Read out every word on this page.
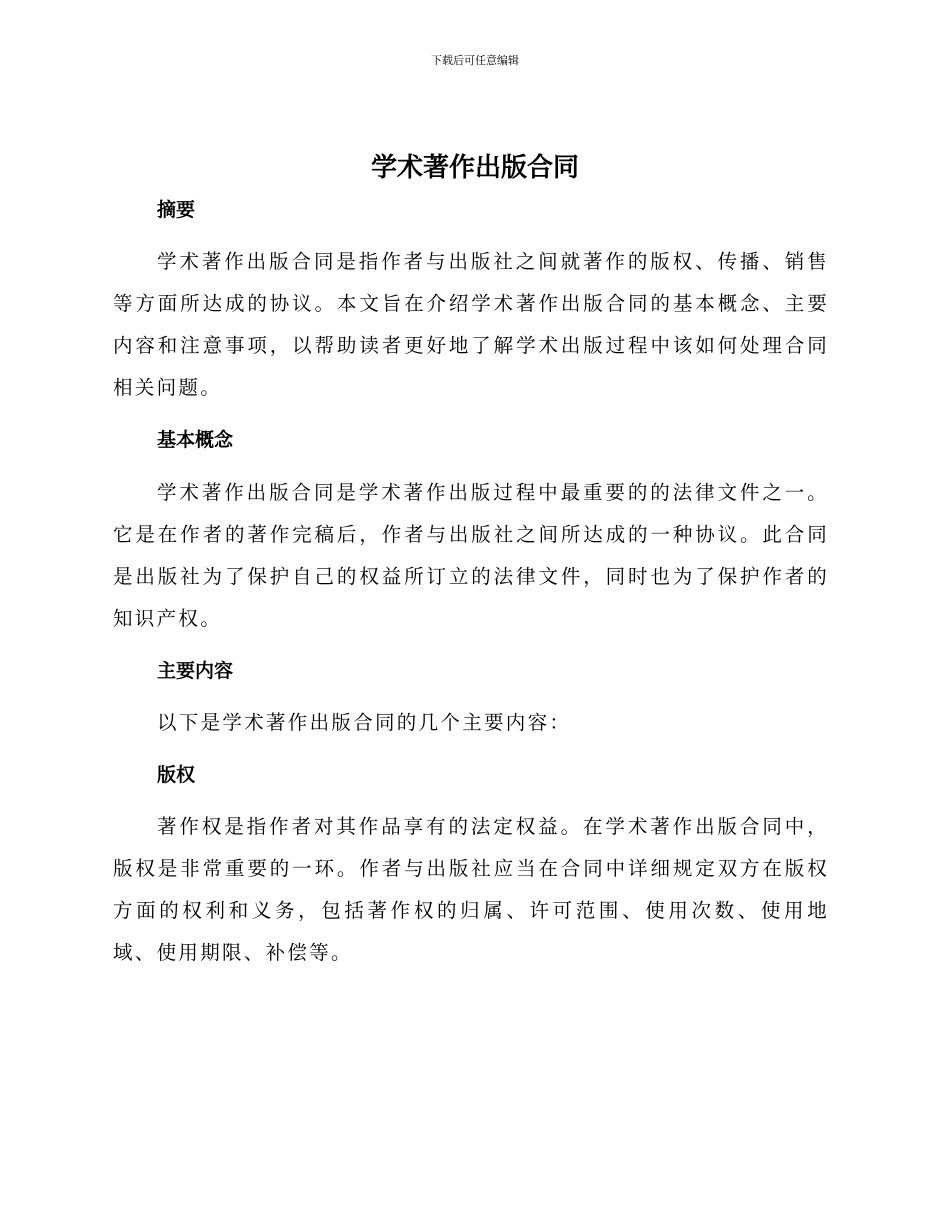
下载后可任意编辑
学术著作出版合同
摘要
学术著作出版合同是指作者与出版社之间就著作的版权、传播、销售等方面所达成的协议。本文旨在介绍学术著作出版合同的基本概念、主要内容和注意事项，以帮助读者更好地了解学术出版过程中该如何处理合同相关问题。
基本概念
学术著作出版合同是学术著作出版过程中最重要的的法律文件之一。它是在作者的著作完稿后，作者与出版社之间所达成的一种协议。此合同是出版社为了保护自己的权益所订立的法律文件，同时也为了保护作者的知识产权。
主要内容
以下是学术著作出版合同的几个主要内容：
版权
著作权是指作者对其作品享有的法定权益。在学术著作出版合同中，版权是非常重要的一环。作者与出版社应当在合同中详细规定双方在版权方面的权利和义务，包括著作权的归属、许可范围、使用次数、使用地域、使用期限、补偿等。
